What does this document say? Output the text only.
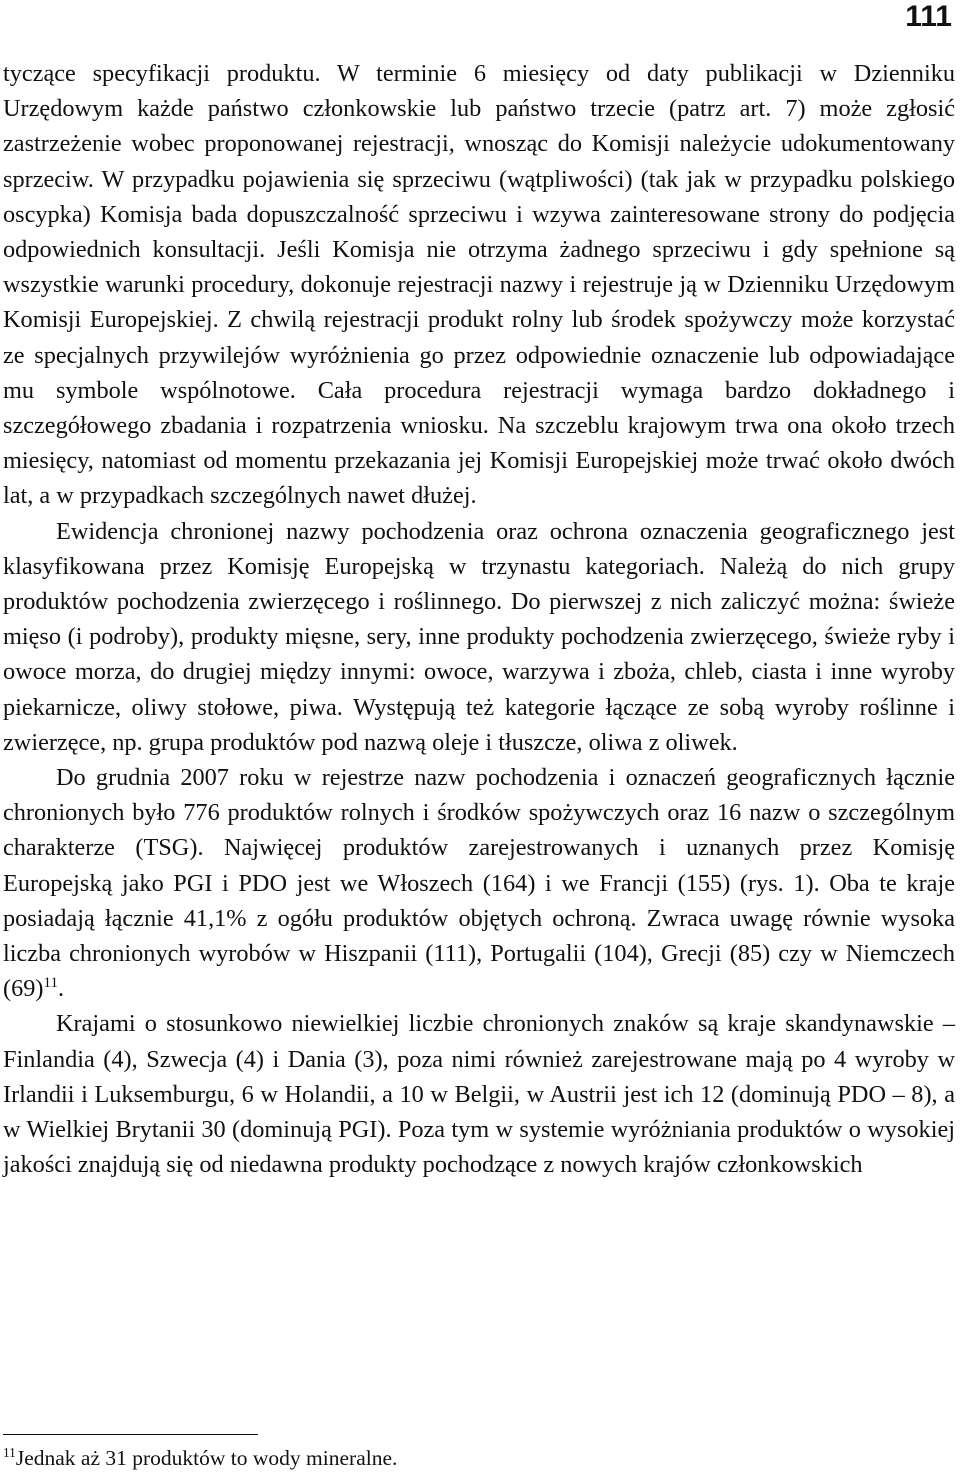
111

tyczące specyfikacji produktu. W terminie 6 miesięcy od daty publikacji w Dzienniku Urzędowym każde państwo członkowskie lub państwo trzecie (patrz art. 7) może zgłosić zastrzeżenie wobec proponowanej rejestracji, wnosząc do Komisji należycie udokumentowany sprzeciw. W przypadku pojawienia się sprzeciwu (wątpliwości) (tak jak w przypadku polskiego oscypka) Komisja bada dopuszczalność sprzeciwu i wzywa zainteresowane strony do podjęcia odpowiednich konsultacji. Jeśli Komisja nie otrzyma żadnego sprzeciwu i gdy spełnione są wszystkie warunki procedury, dokonuje rejestracji nazwy i rejestruje ją w Dzienniku Urzędowym Komisji Europejskiej. Z chwilą rejestracji produkt rolny lub środek spożywczy może korzystać ze specjalnych przywilejów wyróżnienia go przez odpowiednie oznaczenie lub odpowiadające mu symbole wspólnotowe. Cała procedura rejestracji wymaga bardzo dokładnego i szczegółowego zbadania i rozpatrzenia wniosku. Na szczeblu krajowym trwa ona około trzech miesięcy, natomiast od momentu przekazania jej Komisji Europejskiej może trwać około dwóch lat, a w przypadkach szczególnych nawet dłużej.

Ewidencja chronionej nazwy pochodzenia oraz ochrona oznaczenia geograficznego jest klasyfikowana przez Komisję Europejską w trzynastu kategoriach. Należą do nich grupy produktów pochodzenia zwierzęcego i roślinnego. Do pierwszej z nich zaliczyć można: świeże mięso (i podroby), produkty mięsne, sery, inne produkty pochodzenia zwierzęcego, świeże ryby i owoce morza, do drugiej między innymi: owoce, warzywa i zboża, chleb, ciasta i inne wyroby piekarnicze, oliwy stołowe, piwa. Występują też kategorie łączące ze sobą wyroby roślinne i zwierzęce, np. grupa produktów pod nazwą oleje i tłuszcze, oliwa z oliwek.

Do grudnia 2007 roku w rejestrze nazw pochodzenia i oznaczeń geograficznych łącznie chronionych było 776 produktów rolnych i środków spożywczych oraz 16 nazw o szczególnym charakterze (TSG). Najwięcej produktów zarejestrowanych i uznanych przez Komisję Europejską jako PGI i PDO jest we Włoszech (164) i we Francji (155) (rys. 1). Oba te kraje posiadają łącznie 41,1% z ogółu produktów objętych ochroną. Zwraca uwagę równie wysoka liczba chronionych wyrobów w Hiszpanii (111), Portugalii (104), Grecji (85) czy w Niemczech $(69)^{11}$.

Krajami o stosunkowo niewielkiej liczbie chronionych znaków są kraje skandynawskie – Finlandia (4), Szwecja (4) i Dania (3), poza nimi również zarejestrowane mają po 4 wyroby w Irlandii i Luksemburgu, 6 w Holandii, a 10 w Belgii, w Austrii jest ich 12 (dominują PDO – 8), a w Wielkiej Brytanii 30 (dominują PGI). Poza tym w systemie wyróżniania produktów o wysokiej jakości znajdują się od niedawna produkty pochodzące z nowych krajów członkowskich

$^{11}$Jednak aż 31 produktów to wody mineralne.
